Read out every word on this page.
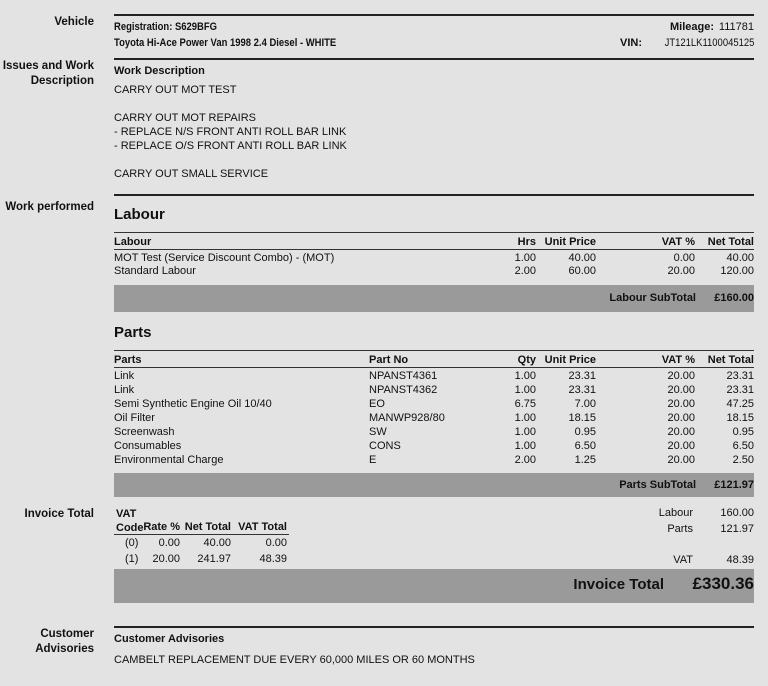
Vehicle
Issues and Work
Description
Work performed
Invoice Total
Customer
Advisories
Registration: S629BFG
Toyota Hi-Ace Power Van 1998 2.4 Diesel - WHITE
Mileage: 111781
VIN:	JT121LK1100045125
Work Description
CARRY OUT MOT TEST
CARRY OUT MOT REPAIRS
- REPLACE N/S FRONT ANTI ROLL BAR LINK
- REPLACE O/S FRONT ANTI ROLL BAR LINK
CARRY OUT SMALL SERVICE
Labour
Labour	Hrs Unit Price	VAT % Net Total
MOT Test (Service Discount Combo) - (MOT)	1.00	40.00	0.00	40.00
Standard Labour	2.00	60.00	20.00 120.00
Labour SubTotal £160.00
Parts
Parts	Part No	Qty Unit Price	VAT % Net Total
Link	NPANST4361	1.00	23.31	20.00	23.31
Link	NPANST4362	1.00	23.31	20.00	23.31
Semi Synthetic Engine Oil 10/40	EO	6.75	7.00	20.00	47.25
Oil Filter	MANWP928/80	1.00	18.15	20.00	18.15
Screenwash	SW	1.00	0.95	20.00	0.95
Consumables	CONS	1.00	6.50	20.00	6.50
Environmental Charge	E	2.00	1.25	20.00	2.50
Parts SubTotal £121.97
VAT
Code Rate % Net Total VAT Total
(0) 0.00 40.00	0.00
(1) 20.00 241.97	48.39
Labour 160.00
Parts 121.97
VAT	48.39
Invoice Total £330.36
Customer Advisories
CAMBELT REPLACEMENT DUE EVERY 60,000 MILES OR 60 MONTHS
